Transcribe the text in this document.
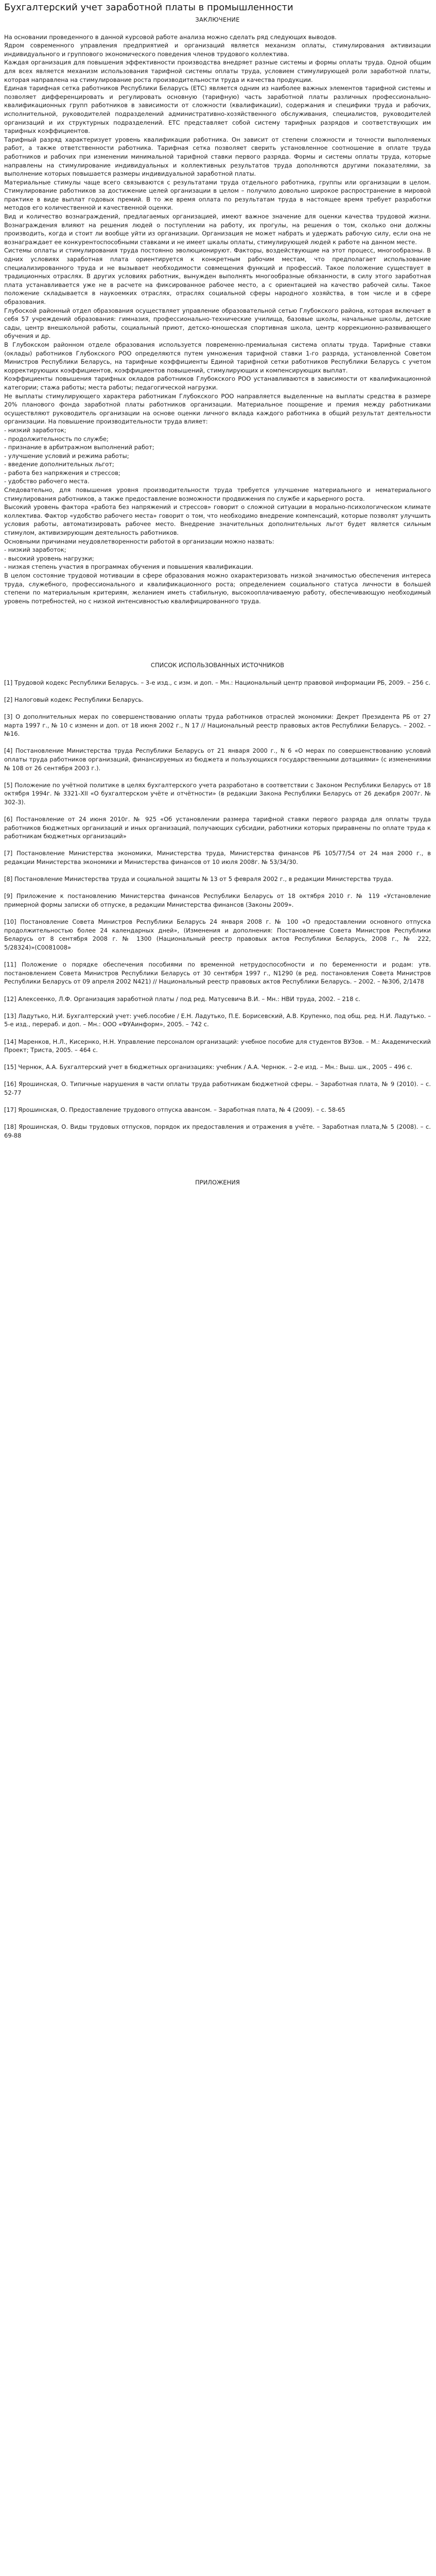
Бухгалтерский учет заработной платы в промышленности
ЗАКЛЮЧЕНИЕ

На основании проведенного в данной курсовой работе анализа можно сделать ряд следующих выводов.

Ядром современного управления предприятией и организаций является механизм оплаты, стимулирования активизации индивидуального и группового экономического поведения членов трудового коллектива.

Каждая организация для повышения эффективности производства внедряет разные системы и формы оплаты труда. Одной общим для всех является механизм использования тарифной системы оплаты труда, условием стимулирующей роли заработной платы, которая направлена на стимулирование роста производительности труда и качества продукции.

Единая тарифная сетка работников Республики Беларусь (ЕТС) является одним из наиболее важных элементов тарифной системы и позволяет дифференцировать и регулировать основную (тарифную) часть заработной платы различных профессионально-квалификационных групп работников в зависимости от сложности (квалификации), содержания и специфики труда и рабочих, исполнительной, руководителей подразделений административно-хозяйственного обслуживания, специалистов, руководителей организаций и их структурных подразделений. ЕТС представляет собой систему тарифных разрядов и соответствующих им тарифных коэффициентов.

Тарифный разряд характеризует уровень квалификации работника. Он зависит от степени сложности и точности выполняемых работ, а также ответственности работника. Тарифная сетка позволяет сверить установленное соотношение в оплате труда работников и рабочих при изменении минимальной тарифной ставки первого разряда. Формы и системы оплаты труда, которые направлены на стимулирование индивидуальных и коллективных результатов труда дополняются другими показателями, за выполнение которых повышается размеры индивидуальной заработной платы.

Материальные стимулы чаще всего связываются с результатами труда отдельного работника, группы или организации в целом. Стимулирование работников за достижение целей организации в целом – получило довольно широкое распространение в мировой практике в виде выплат годовых премий. В то же время оплата по результатам труда в настоящее время требует разработки методов его количественной и качественной оценки.

Вид и количество вознаграждений, предлагаемых организацией, имеют важное значение для оценки качества трудовой жизни. Вознаграждения влияют на решения людей о поступлении на работу, их прогулы, на решения о том, сколько они должны производить, когда и стоит ли вообще уйти из организации. Организация не может набрать и удержать рабочую силу, если она не вознаграждает ее конкурентоспособными ставками и не имеет шкалы оплаты, стимулирующей людей к работе на данном месте.

Системы оплаты и стимулирования труда постоянно эволюционируют. Факторы, воздействующие на этот процесс, многообразны. В одних условиях заработная плата ориентируется к конкретным рабочим местам, что предполагает использование специализированного труда и не вызывает необходимости совмещения функций и профессий. Такое положение существует в традиционных отраслях. В других условиях работник, вынужден выполнять многообразные обязанности, в силу этого заработная плата устанавливается уже не в расчете на фиксированное рабочее место, а с ориентацией на качество рабочей силы. Такое положение складывается в наукоемких отраслях, отраслях социальной сферы народного хозяйства, в том числе и в сфере образования.

Глубоской районный отдел образования осуществляет управление образовательной сетью Глубокского района, которая включает в себя 57 учреждений образования: гимназия, профессионально-технические училища, базовые школы, начальные школы, детские сады, центр внешкольной работы, социальный приют, детско-юношеская спортивная школа, центр коррекционно-развивающего обучения и др.

В Глубокском районном отделе образования используется повременно-премиальная система оплаты труда. Тарифные ставки (оклады) работников Глубокского РОО определяются путем умножения тарифной ставки 1-го разряда, установленной Советом Министров Республики Беларусь, на тарифные коэффициенты Единой тарифной сетки работников Республики Беларусь с учетом корректирующих коэффициентов, коэффициентов повышений, стимулирующих и компенсирующих выплат.

Коэффициенты повышения тарифных окладов работников Глубокского РОО устанавливаются в зависимости от квалификационной категории; стажа работы; места работы; педагогической нагрузки.

Не выплаты стимулирующего характера работникам Глубокского РОО направляется выделенные на выплаты средства в размере 20% планового фонда заработной платы работников организации. Материальное поощрение и премия между работниками осуществляют руководитель организации на основе оценки личного вклада каждого работника в общий результат деятельности организации. На повышение производительности труда влияет:

- низкий заработок;

- продолжительность по службе;

- признание в арбитражном выполнений работ;

- улучшение условий и режима работы;

- введение дополнительных льгот;

- работа без напряжения и стрессов;

- удобство рабочего места.

Следовательно, для повышения уровня производительности труда требуется улучшение материального и нематериального стимулирования работников, а также предоставление возможности продвижения по службе и карьерного роста.

Высокий уровень фактора «работа без напряжений и стрессов» говорит о сложной ситуации в морально-психологическом климате коллектива. Фактор «удобство рабочего места» говорит о том, что необходимо внедрение компенсаций, которые позволят улучшить условия работы, автоматизировать рабочее место. Внедрение значительных дополнительных льгот будет является сильным стимулом, активизирующим деятельность работников.

Основными причинами неудовлетворенности работой в организации можно назвать:

- низкий заработок;

- высокий уровень нагрузки;

- низкая степень участия в программах обучения и повышения квалификации.

В целом состояние трудовой мотивации в сфере образования можно охарактеризовать низкой значимостью обеспечения интереса труда, служебного, профессионального и квалификационного роста; определением социального статуса личности в большей степени по материальным критериям, желанием иметь стабильную, высокооплачиваемую работу, обеспечивающую необходимый уровень потребностей, но с низкой интенсивностью квалифицированного труда.

СПИСОК ИСПОЛЬЗОВАННЫХ ИСТОЧНИКОВ
[1] Трудовой кодекс Республики Беларусь. – 3-е изд., с изм. и доп. – Мн.: Национальный центр правовой информации РБ, 2009. – 256 с.
[2] Налоговый кодекс Республики Беларусь.
[3] О дополнительных мерах по совершенствованию оплаты труда работников отраслей экономики: Декрет Президента РБ от 27 марта 1997 г., № 10 с изменн и доп. от 18 июня 2002 г., N 17 // Национальный реестр правовых актов Республики Беларусь. – 2002. – №16.
[4] Постановление Министерства труда Республики Беларусь от 21 января 2000 г., N 6 «О мерах по совершенствованию условий оплаты труда работников организаций, финансируемых из бюджета и пользующихся государственными дотациями» (с изменениями № 108 от 26 сентября 2003 г.).
[5] Положение по учётной политике в целях бухгалтерского учета разработано в соответствии с Законом Республики Беларусь от 18 октября 1994г. № 3321-XII «О бухгалтерском учёте и отчётности» (в редакции Закона Республики Беларусь от 26 декабря 2007г. № 302-3).
[6] Постановление от 24 июня 2010г. № 925 «Об установлении размера тарифной ставки первого разряда для оплаты труда работников бюджетных организаций и иных организаций, получающих субсидии, работники которых приравнены по оплате труда к работникам бюджетных организаций»
[7] Постановление Министерства экономики, Министерства труда, Министерства финансов РБ 105/77/54 от 24 мая 2000 г., в редакции Министерства экономики и Министерства финансов от 10 июля 2008г. № 53/34/30.
[8] Постановление Министерства труда и социальной защиты № 13 от 5 февраля 2002 г., в редакции Министерства труда.
[9] Приложение к постановлению Министерства финансов Республики Беларусь от 18 октября 2010 г. № 119 «Установление примерной формы записки об отпуске, в редакции Министерства финансов (Законы 2009».
[10] Постановление Совета Министров Республики Беларусь 24 января 2008 г. № 100 «О предоставлении основного отпуска продолжительностью более 24 календарных дней», (Изменения и дополнения: Постановление Совета Министров Республики Беларусь от 8 сентября 2008 г. № 1300 (Национальный реестр правовых актов Республики Беларусь, 2008 г., № 222, 5/28324)»(С0081008»
[11] Положение о порядке обеспечения пособиями по временной нетрудоспособности и по беременности и родам: утв. постановлением Совета Министров Республики Беларусь от 30 сентября 1997 г., N1290 (в ред. постановления Совета Министров Республики Беларусь от 09 апреля 2002 N421) // Национальный реестр правовых актов Республики Беларусь. – 2002. – №30б, 2/1478
[12] Алексеенко, Л.Ф. Организация заработной платы / под ред. Матусевича В.И. – Мн.: НВИ труда, 2002. – 218 с.
[13] Ладутько, Н.И. Бухгалтерский учет: учеб.пособие / Е.Н. Ладутько, П.Е. Борисевский, А.В. Крупенко, под общ. ред. Н.И. Ладутько. – 5-е изд., перераб. и доп. – Мн.: ООО «ФУАинформ», 2005. – 742 с.
[14] Маренков, Н.Л., Кисернко, Н.Н. Управление персоналом организаций: учебное пособие для студентов ВУЗов. – М.: Академический Проект; Триста, 2005. – 464 с.
[15] Чернюк, А.А. Бухгалтерский учет в бюджетных организациях: учебник / А.А. Чернюк. – 2-е изд. – Мн.: Выш. шк., 2005 – 496 с.
[16] Ярошинская, О. Типичные нарушения в части оплаты труда работникам бюджетной сферы. – Заработная плата, № 9 (2010). – с. 52-77
[17] Ярошинская, О. Предоставление трудового отпуска авансом. – Заработная плата, № 4 (2009). – с. 58-65
[18] Ярошинская, О. Виды трудовых отпусков, порядок их предоставления и отражения в учёте. – Заработная плата,№ 5 (2008). – с. 69-88
ПРИЛОЖЕНИЯ
